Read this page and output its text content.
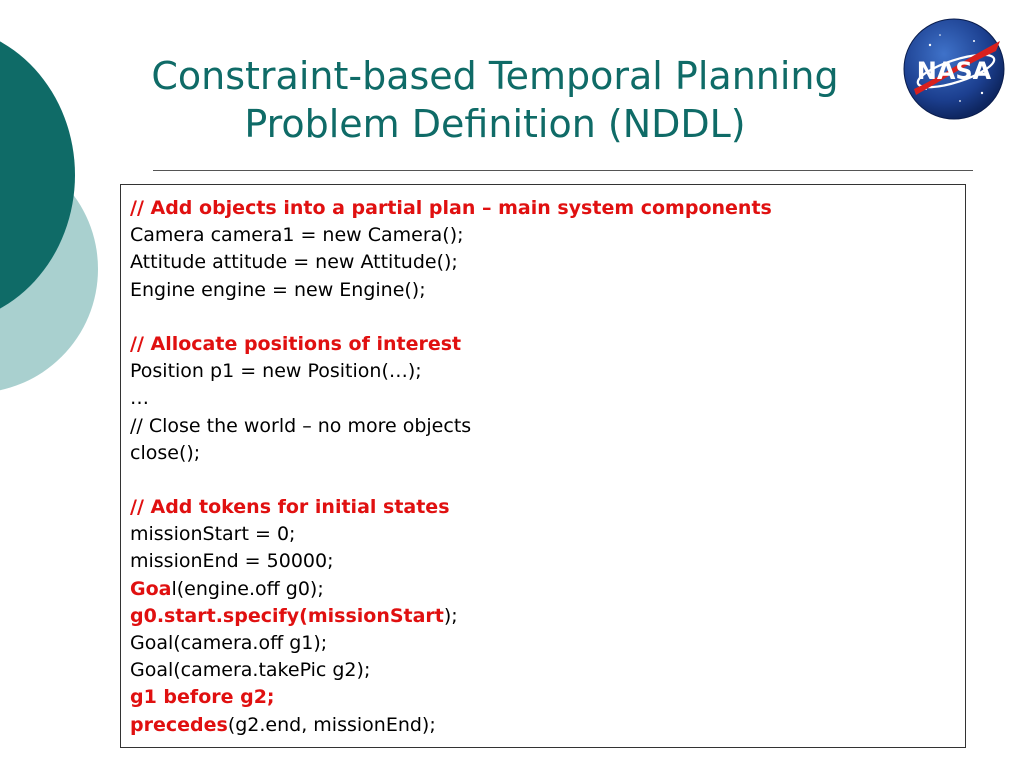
Constraint-based Temporal Planning
Problem Definition (NDDL)
NASA
// Add objects into a partial plan – main system components
Camera camera1 = new Camera();
Attitude attitude = new Attitude();
Engine engine = new Engine();
// Allocate positions of interest
Position p1 = new Position(…);
…
// Close the world – no more objects
close();
// Add tokens for initial states
missionStart = 0;
missionEnd = 50000;
Goal(engine.off g0);
g0.start.specify(missionStart);
Goal(camera.off g1);
Goal(camera.takePic g2);
g1 before g2;
precedes(g2.end, missionEnd);
